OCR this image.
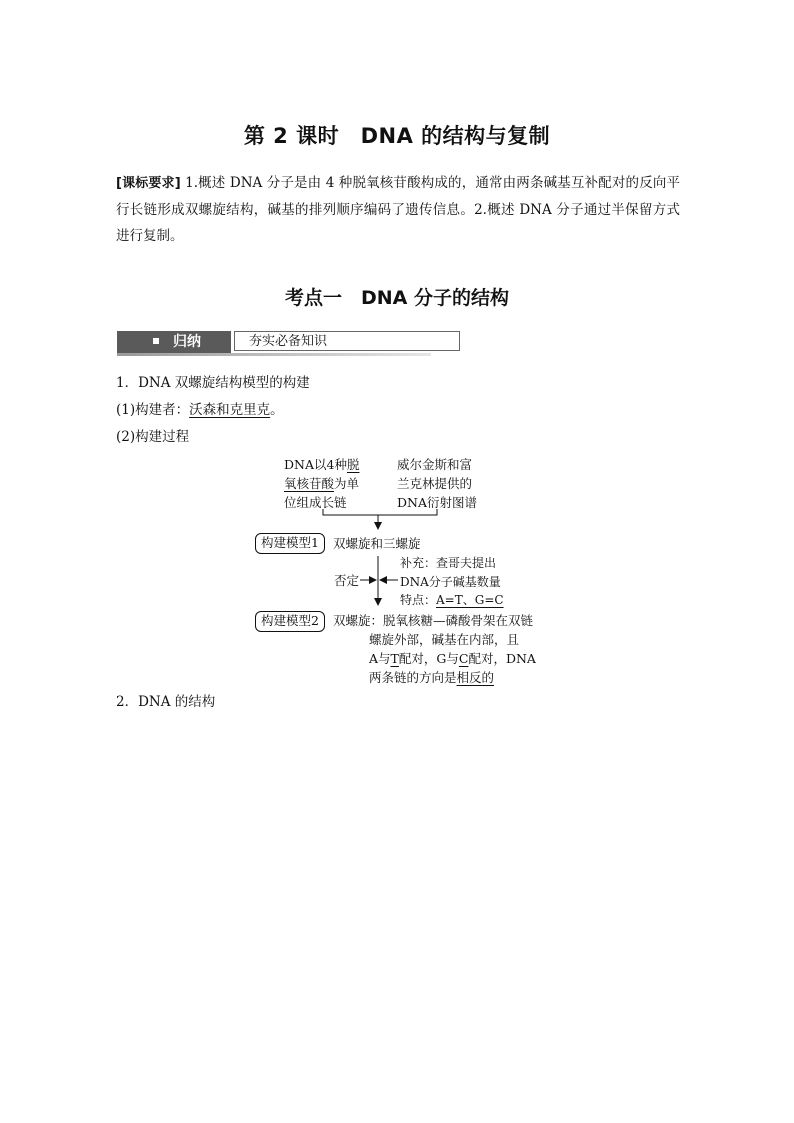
第 2 课时　DNA 的结构与复制
[课标要求] 1.概述 DNA 分子是由 4 种脱氧核苷酸构成的，通常由两条碱基互补配对的反向平行长链形成双螺旋结构，碱基的排列顺序编码了遗传信息。2.概述 DNA 分子通过半保留方式进行复制。
考点一　DNA 分子的结构
归纳	夯实必备知识
1．DNA 双螺旋结构模型的构建
(1)构建者：沃森和克里克。
(2)构建过程
DNA以4种脱
氧核苷酸为单
位组成长链
威尔金斯和富
兰克林提供的
DNA衍射图谱
构建模型1	双螺旋和三螺旋
否定
补充：查哥夫提出
DNA分子碱基数量
特点：A=T、G=C
构建模型2	双螺旋：脱氧核糖—磷酸骨架在双链
螺旋外部，碱基在内部，且
A与T配对，G与C配对，DNA
两条链的方向是相反的
2．DNA 的结构
